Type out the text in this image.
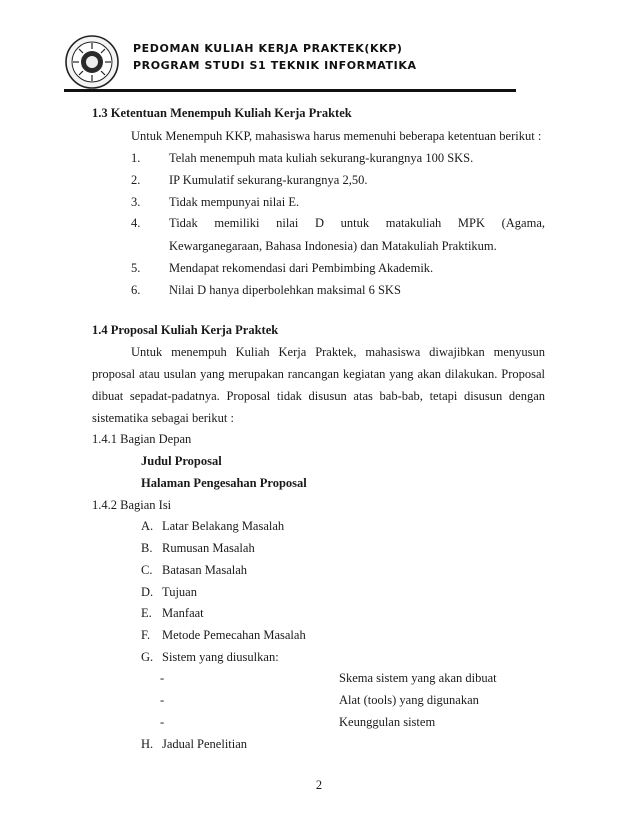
PEDOMAN KULIAH KERJA PRAKTEK(KKP)
PROGRAM STUDI S1 TEKNIK INFORMATIKA
1.3 Ketentuan Menempuh Kuliah Kerja Praktek
Untuk Menempuh KKP, mahasiswa harus memenuhi beberapa ketentuan berikut :
1. Telah menempuh mata kuliah sekurang-kurangnya 100 SKS.
2. IP Kumulatif sekurang-kurangnya 2,50.
3. Tidak mempunyai nilai E.
4. Tidak memiliki nilai D untuk matakuliah MPK (Agama,
Kewarganegaraan, Bahasa Indonesia) dan Matakuliah Praktikum.
5. Mendapat rekomendasi dari Pembimbing Akademik.
6. Nilai D hanya diperbolehkan maksimal 6 SKS
1.4 Proposal Kuliah Kerja Praktek
Untuk menempuh Kuliah Kerja Praktek, mahasiswa diwajibkan menyusun
proposal atau usulan yang merupakan rancangan kegiatan yang akan dilakukan. Proposal
dibuat sepadat-padatnya. Proposal tidak disusun atas bab-bab, tetapi disusun dengan
sistematika sebagai berikut :
1.4.1 Bagian Depan
Judul Proposal
Halaman Pengesahan Proposal
1.4.2 Bagian Isi
A. Latar Belakang Masalah
B. Rumusan Masalah
C. Batasan Masalah
D. Tujuan
E. Manfaat
F. Metode Pemecahan Masalah
G. Sistem yang diusulkan:
-	Skema sistem yang akan dibuat
-	Alat (tools) yang digunakan
-	Keunggulan sistem
H. Jadual Penelitian
2
